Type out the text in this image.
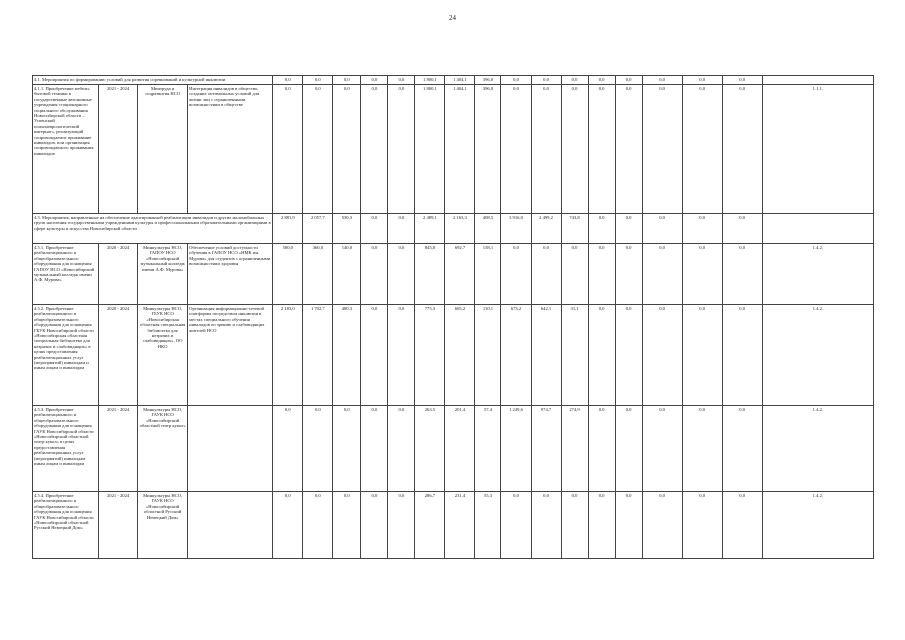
24
4.1. Мероприятия по формированию условий для развития соревнований и культурной инклюзии				0,0	0,0	0,0	0,0	0,0	1 800,1	1 404,1	396,0	0,0	0,0	0,0	0,0	0,0	0,0	0,0	0,0	
4.1.1. Приобретение мебели, бытовой техники в государственные автономные учреждения стационарного социального обслуживания Новосибирской области – Успенский психоневрологический интернат», реализующий сопровождаемое проживание инвалидов, или организация сопровождаемого проживания инвалидов	2021 - 2024	Минтруда и соцразвития НСО	Интеграция инвалидов в общество, создание оптимальных условий для жизни лиц с ограниченными возможностями в обществе	0,0	0,0	0,0	0,0	0,0	1 800,1	1 404,1	396,0	0,0	0,0	0,0	0,0	0,0	0,0	0,0	0,0	1.1.1.
4.5. Мероприятия, направленные на обеспечение адаптированной реабилитации инвалидов и других маломобильных групп населения государственными учреждениями культуры и профессиональными образовательными организациями в сфере культуры и искусства Новосибирской области				2 881,9	2 057,7	530,3	0,0	0,0	2 489,1	2 163,3	408,5	3 916,0	2 499,2	743,8	0,0	0,0	0,0	0,0	0,0	
4.5.1. Приобретение реабилитационного и общеобразовательного оборудования для оснащения ГАПОУ НСО «Новосибирский музыкальный колледж имени А.Ф. Мурова»	2020 - 2024	Минкультуры НСО, ГАПОУ НСО «Новосибирский музыкальный колледж имени А.Ф. Мурова»	Обеспечение условий доступности обучения в ГАПОУ НСО «НМК им. Мурова» для студентов с ограниченными возможностями здоровья	500,0	360,0	140,0	0,0	0,0	845,8	692,7	158,1	0,0	0,0	0,0	0,0	0,0	0,0	0,0	0,0	1.4.2.
4.5.2. Приобретение реабилитационного и общеобразовательного оборудования для оснащения ГБУК Новосибирской области «Новосибирская областная специальная библиотека для незрячих и слабовидящих» в целях предоставления реабилитационных услуг (мероприятий) инвалидам и иным лицам и инвалидам	2020 - 2024	Минкультуры НСО, ГБУК НСО «Новосибирская областная специальная библиотека для незрячих и слабовидящих», ОО НКО	Организация информационно-сетевой платформы посредством инклюзии в местах специального обучения инвалидов по зрению и слабовидящих жителей НСО	2 183,0	1 702,7	480,3	0,0	0,0	775,3	665,2	110,1	673,2	642,1	31,1	0,0	0,0	0,0	0,0	0,0	1.4.2.
4.5.3. Приобретение реабилитационного и общеобразовательного оборудования для оснащения ГАУК Новосибирской области «Новосибирский областной театр кукол» в целях предоставления реабилитационных услуг (мероприятий) инвалидам иным лицам и инвалидам	2021 - 2024	Минкультуры НСО, ГАУК НСО «Новосибирский областной театр кукол»		0,0	0,0	0,0	0,0	0,0	263,5	201,4	57,4	1 249,6	974,7	274,9	0,0	0,0	0,0	0,0	0,0	1.4.2.
4.5.4. Приобретение реабилитационного и общеобразовательного оборудования для оснащения ГАУК Новосибирской области «Новосибирский областной Русский Немецкий Дом»	2021 - 2024	Минкультуры НСО, ГАУК НСО «Новосибирский областной Русский Немецкий Дом»		0,0	0,0	0,0	0,0	0,0	286,7	231,4	55,3	0,0	0,0	0,0	0,0	0,0	0,0	0,0	0,0	1.4.2.
